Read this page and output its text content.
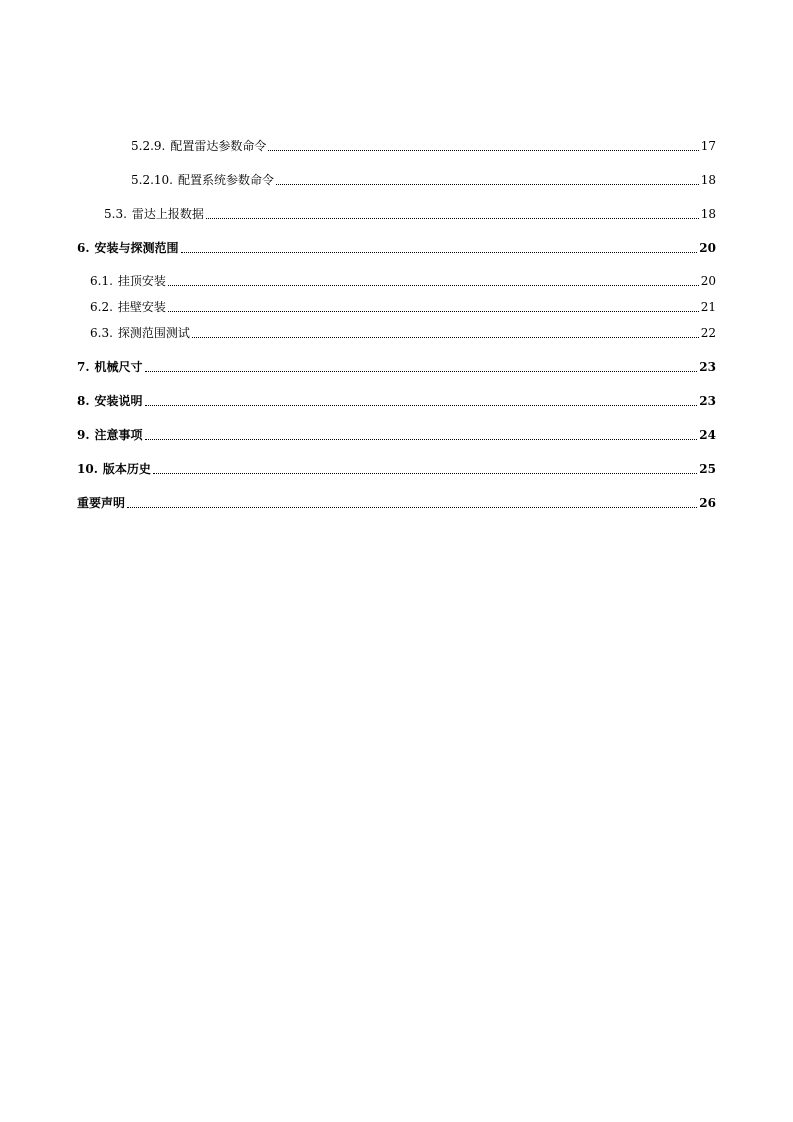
5.2.9. 配置雷达参数命令	17
5.2.10. 配置系统参数命令	18
5.3. 雷达上报数据	18
6. 安装与探测范围	20
6.1. 挂顶安装	20
6.2. 挂壁安装	21
6.3. 探测范围测试	22
7. 机械尺寸	23
8. 安装说明	23
9. 注意事项	24
10. 版本历史	25
重要声明	26
